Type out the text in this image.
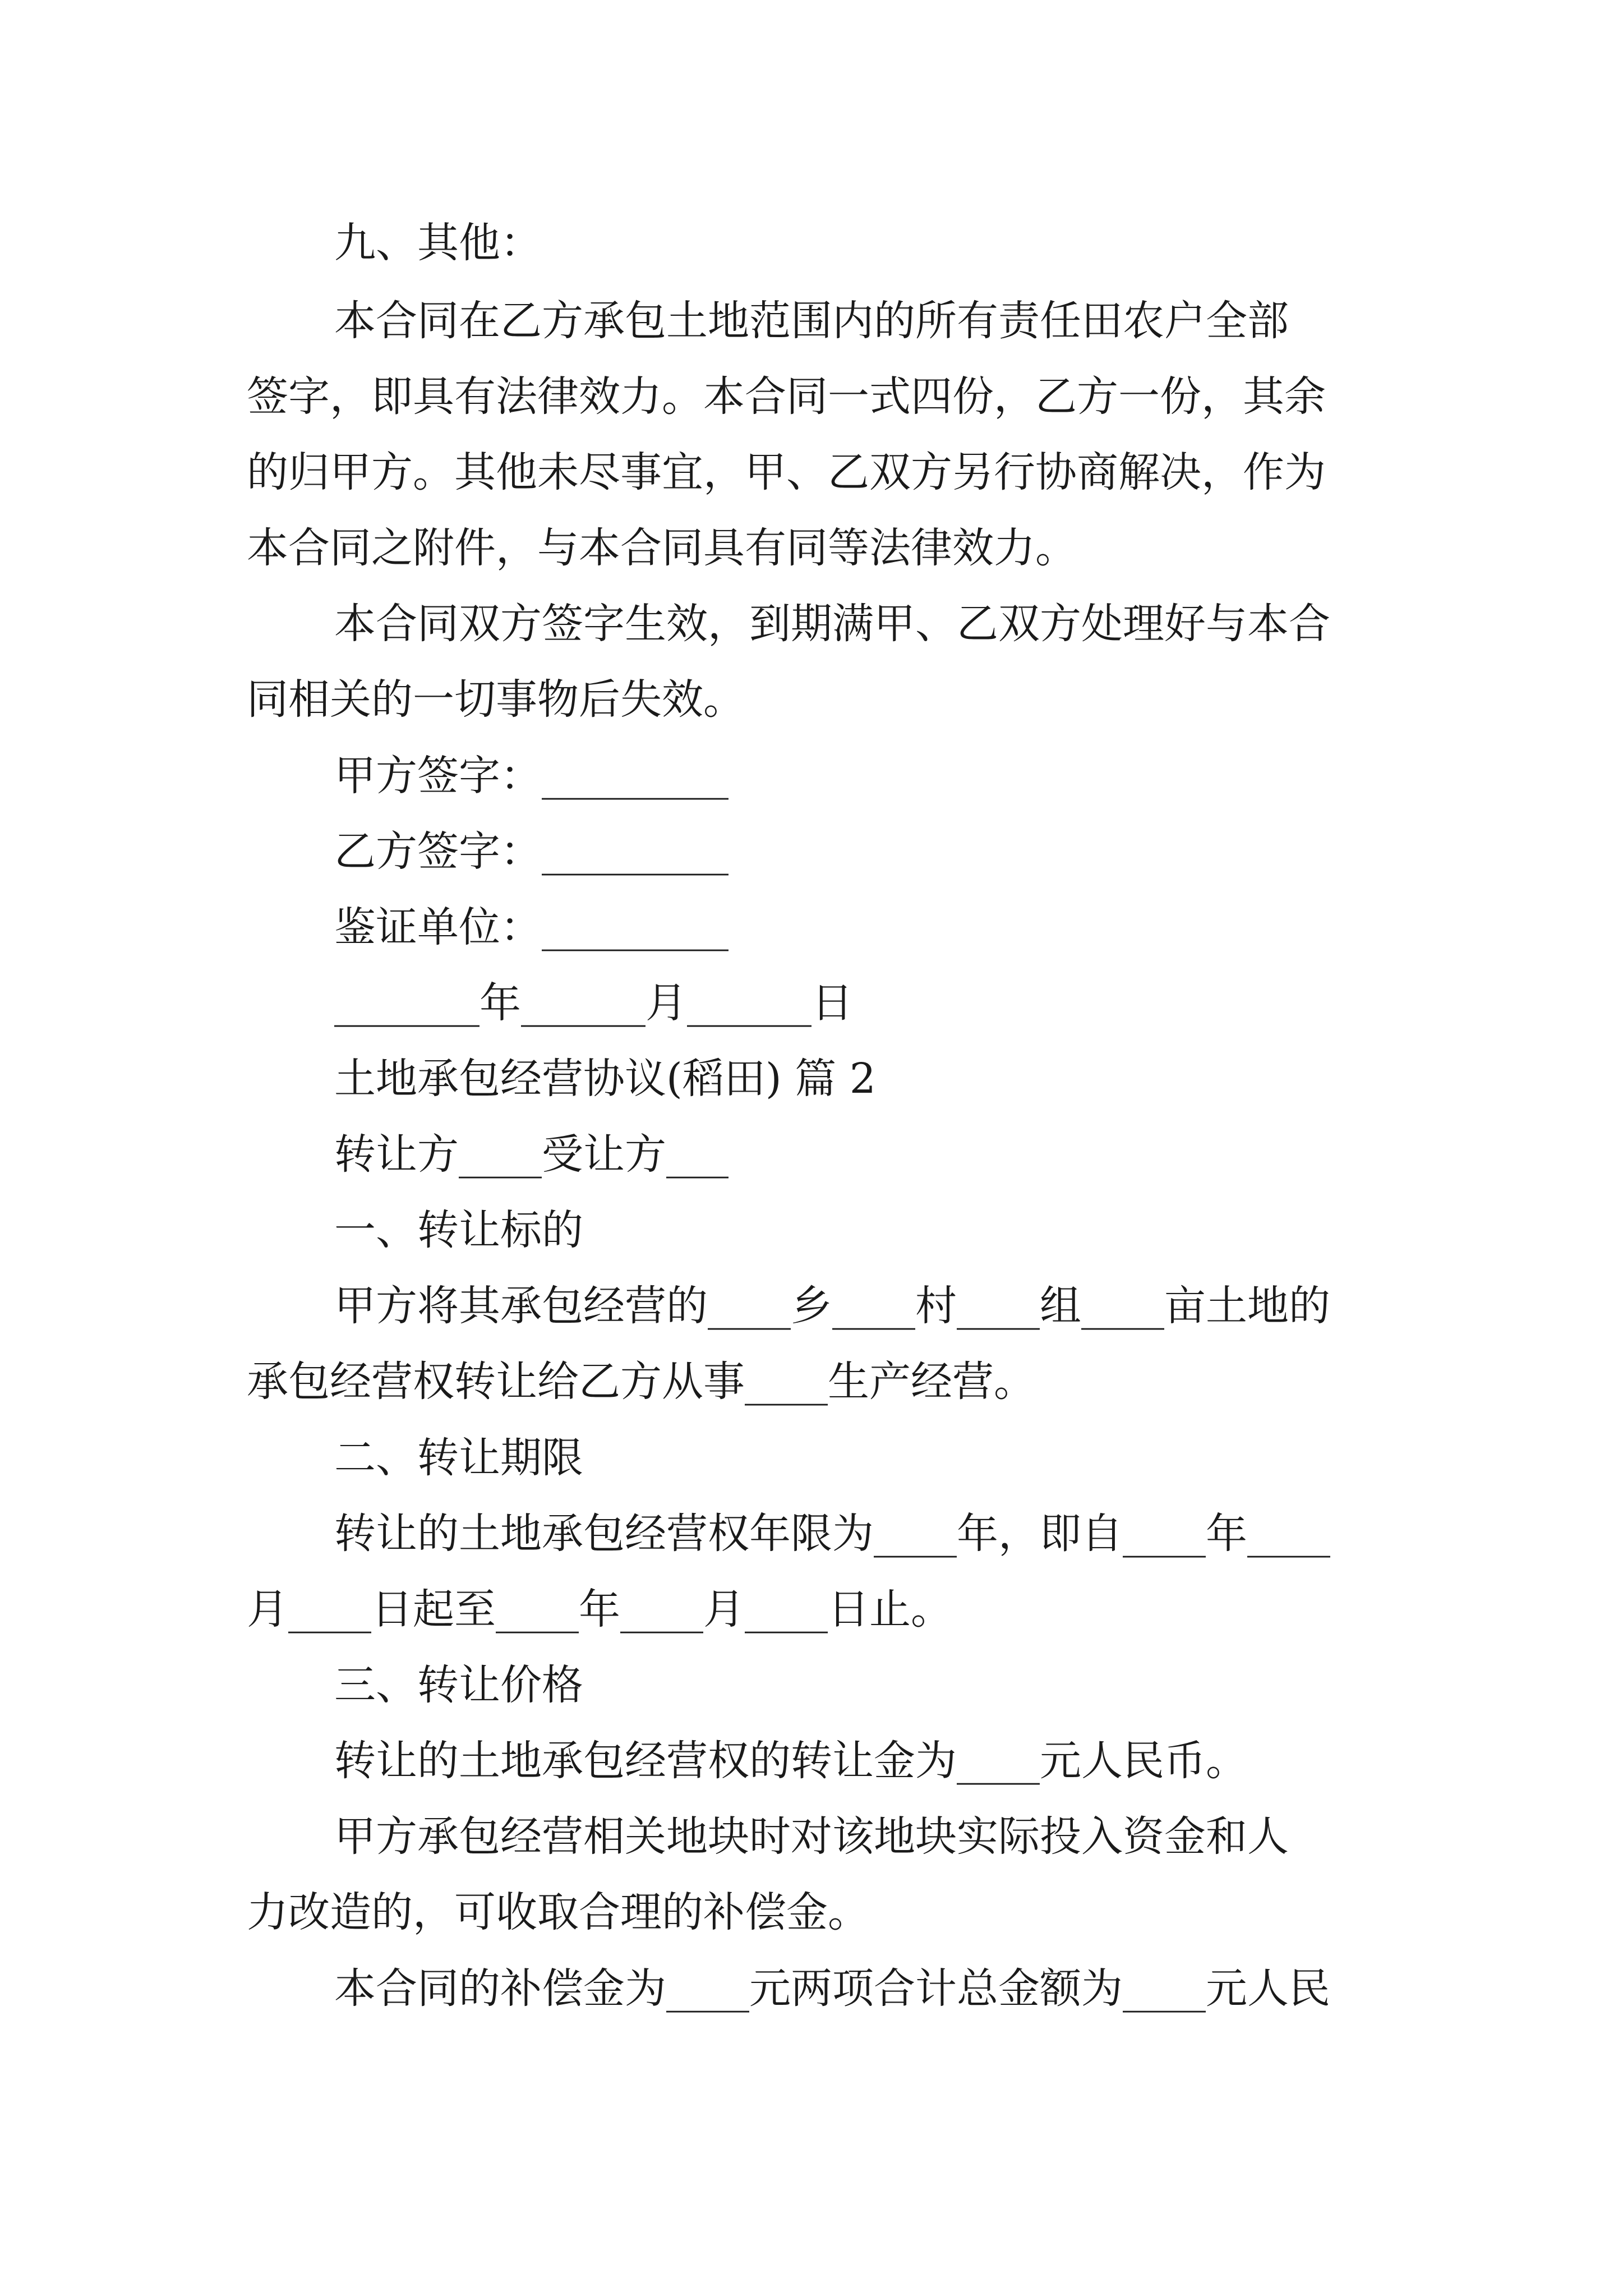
九、其他：

本合同在乙方承包土地范围内的所有责任田农户全部

签字，即具有法律效力。本合同一式四份，乙方一份，其余

的归甲方。其他未尽事宜，甲、乙双方另行协商解决，作为

本合同之附件，与本合同具有同等法律效力。

本合同双方签字生效，到期满甲、乙双方处理好与本合

同相关的一切事物后失效。

甲方签字：_________

乙方签字：_________

鉴证单位：_________

_______年______月______日

土地承包经营协议(稻田) 篇 2

转让方____受让方___

一、转让标的

甲方将其承包经营的____乡____村____组____亩土地的

承包经营权转让给乙方从事____生产经营。

二、转让期限

转让的土地承包经营权年限为____年，即自____年____

月____日起至____年____月____日止。

三、转让价格

转让的土地承包经营权的转让金为____元人民币。

甲方承包经营相关地块时对该地块实际投入资金和人

力改造的，可收取合理的补偿金。

本合同的补偿金为____元两项合计总金额为____元人民
